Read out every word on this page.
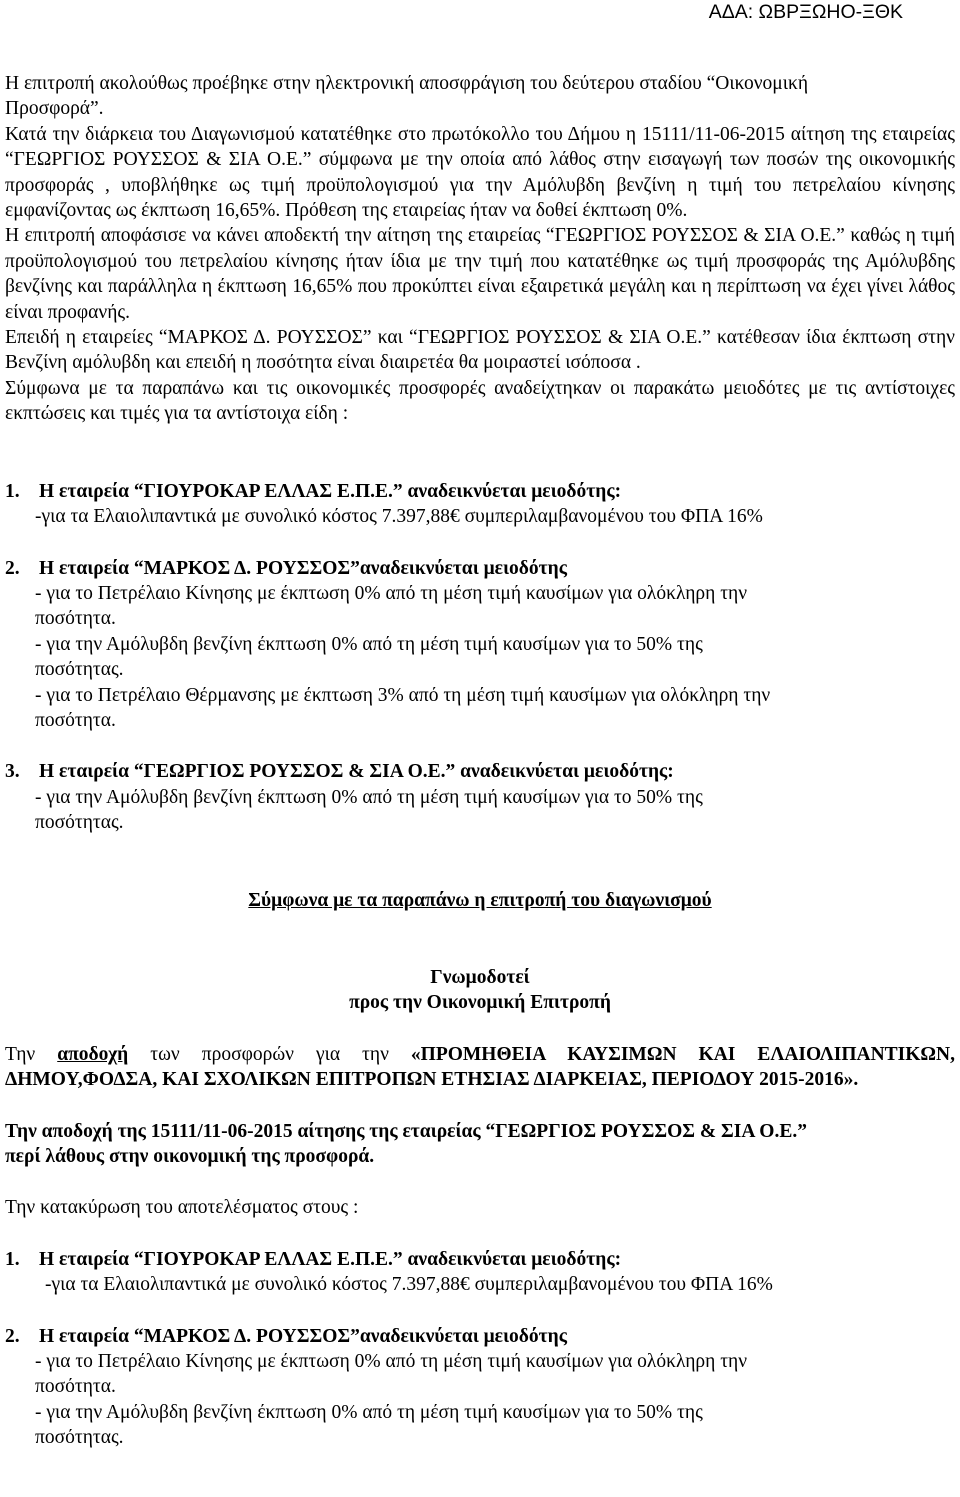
ΑΔΑ: ΩΒΡΞΩΗΟ-ΞΘΚ

Η επιτροπή ακολούθως προέβηκε στην ηλεκτρονική αποσφράγιση του δεύτερου σταδίου “Οικονομική

Προσφορά”.

Κατά την διάρκεια του Διαγωνισμού κατατέθηκε στο πρωτόκολλο του Δήμου η 15111/11-06-2015 αίτηση της εταιρείας “ΓΕΩΡΓΙΟΣ ΡΟΥΣΣΟΣ & ΣΙΑ Ο.Ε.” σύμφωνα με την οποία από λάθος στην εισαγωγή των ποσών της οικονομικής προσφοράς , υποβλήθηκε ως τιμή προϋπολογισμού για την Αμόλυβδη βενζίνη η τιμή του πετρελαίου κίνησης εμφανίζοντας ως έκπτωση 16,65%. Πρόθεση της εταιρείας ήταν να δοθεί έκπτωση 0%.

Η επιτροπή αποφάσισε να κάνει αποδεκτή την αίτηση της εταιρείας “ΓΕΩΡΓΙΟΣ ΡΟΥΣΣΟΣ & ΣΙΑ Ο.Ε.” καθώς η τιμή προϋπολογισμού του πετρελαίου κίνησης ήταν ίδια με την τιμή που κατατέθηκε ως τιμή προσφοράς της Αμόλυβδης βενζίνης και παράλληλα η έκπτωση 16,65% που προκύπτει είναι εξαιρετικά μεγάλη και η περίπτωση να έχει γίνει λάθος είναι προφανής.

Επειδή η εταιρείες “ΜΑΡΚΟΣ Δ. ΡΟΥΣΣΟΣ” και “ΓΕΩΡΓΙΟΣ ΡΟΥΣΣΟΣ & ΣΙΑ Ο.Ε.” κατέθεσαν ίδια έκπτωση στην Βενζίνη αμόλυβδη και επειδή η ποσότητα είναι διαιρετέα θα μοιραστεί ισόποσα .

Σύμφωνα με τα παραπάνω και τις οικονομικές προσφορές αναδείχτηκαν οι παρακάτω μειοδότες με τις αντίστοιχες εκπτώσεις και τιμές για τα αντίστοιχα είδη :

1. Η εταιρεία “ΓΙΟΥΡΟΚΑΡ ΕΛΛΑΣ Ε.Π.Ε.” αναδεικνύεται μειοδότης:

-για τα Ελαιολιπαντικά με συνολικό κόστος 7.397,88€ συμπεριλαμβανομένου του ΦΠΑ 16%

2. Η εταιρεία “ΜΑΡΚΟΣ Δ. ΡΟΥΣΣΟΣ”αναδεικνύεται μειοδότης

- για το Πετρέλαιο Κίνησης με έκπτωση 0% από τη μέση τιμή καυσίμων για ολόκληρη την

ποσότητα.

- για την Αμόλυβδη βενζίνη έκπτωση 0% από τη μέση τιμή καυσίμων για το 50% της

ποσότητας.

- για το Πετρέλαιο Θέρμανσης με έκπτωση 3% από τη μέση τιμή καυσίμων για ολόκληρη την

ποσότητα.

3. Η εταιρεία “ΓΕΩΡΓΙΟΣ ΡΟΥΣΣΟΣ & ΣΙΑ Ο.Ε.” αναδεικνύεται μειοδότης:

- για την Αμόλυβδη βενζίνη έκπτωση 0% από τη μέση τιμή καυσίμων για το 50% της

ποσότητας.

Σύμφωνα με τα παραπάνω η επιτροπή του διαγωνισμού

Γνωμοδοτεί

προς την Οικονομική Επιτροπή

Την αποδοχή των προσφορών για την «ΠΡΟΜΗΘΕΙΑ ΚΑΥΣΙΜΩΝ ΚΑΙ ΕΛΑΙΟΛΙΠΑΝΤΙΚΩΝ, ΔΗΜΟΥ,ΦΟΔΣΑ, ΚΑΙ ΣΧΟΛΙΚΩΝ ΕΠΙΤΡΟΠΩΝ ΕΤΗΣΙΑΣ ΔΙΑΡΚΕΙΑΣ, ΠΕΡΙΟΔΟΥ 2015-2016».

Την αποδοχή της 15111/11-06-2015 αίτησης της εταιρείας “ΓΕΩΡΓΙΟΣ ΡΟΥΣΣΟΣ & ΣΙΑ Ο.Ε.”

περί λάθους στην οικονομική της προσφορά.

Την κατακύρωση του αποτελέσματος στους :

1. Η εταιρεία “ΓΙΟΥΡΟΚΑΡ ΕΛΛΑΣ Ε.Π.Ε.” αναδεικνύεται μειοδότης:

-για τα Ελαιολιπαντικά με συνολικό κόστος 7.397,88€ συμπεριλαμβανομένου του ΦΠΑ 16%

2. Η εταιρεία “ΜΑΡΚΟΣ Δ. ΡΟΥΣΣΟΣ”αναδεικνύεται μειοδότης

- για το Πετρέλαιο Κίνησης με έκπτωση 0% από τη μέση τιμή καυσίμων για ολόκληρη την

ποσότητα.

- για την Αμόλυβδη βενζίνη έκπτωση 0% από τη μέση τιμή καυσίμων για το 50% της

ποσότητας.
